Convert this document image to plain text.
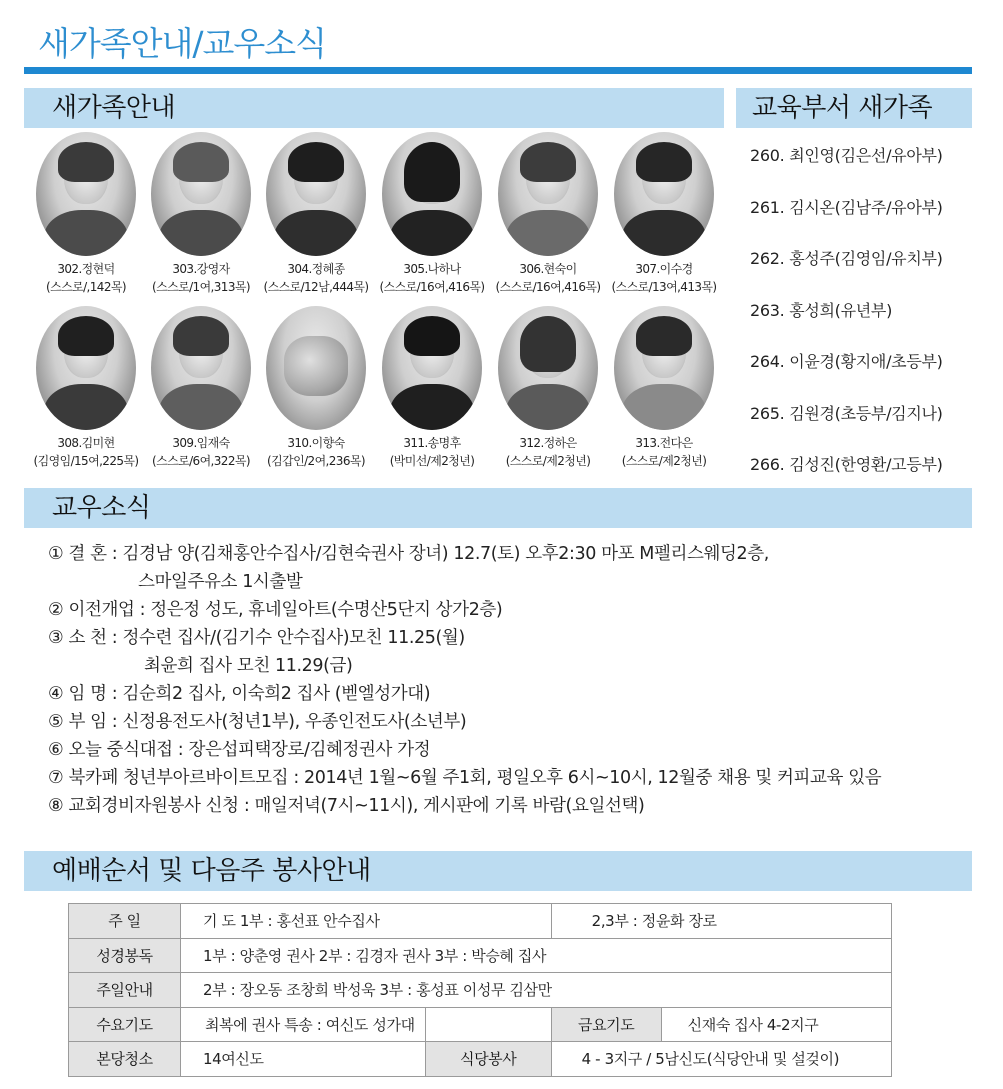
새가족안내/교우소식
새가족안내	교육부서 새가족
302.정현덕
(스스로/,142목)
303.강영자
(스스로/1여,313목)
304.정혜종
(스스로/12남,444목)
305.나하나
(스스로/16여,416목)
306.현숙이
(스스로/16여,416목)
307.이수경
(스스로/13여,413목)
308.김미현
(김영임/15여,225목)
309.임재숙
(스스로/6여,322목)
310.이향숙
(김갑인/2여,236목)
311.송명후
(박미선/제2청년)
312.정하은
(스스로/제2청년)
313.전다은
(스스로/제2청년)
260. 최인영(김은선/유아부)
261. 김시온(김남주/유아부)
262. 홍성주(김영임/유치부)
263. 홍성희(유년부)
264. 이윤경(황지애/초등부)
265. 김원경(초등부/김지나)
266. 김성진(한영환/고등부)
교우소식
① 결 혼 : 김경남 양(김채홍안수집사/김현숙권사 장녀) 12.7(토) 오후2:30 마포 M펠리스웨딩2층,
스마일주유소 1시출발
② 이전개업 : 정은정 성도, 휴네일아트(수명산5단지 상가2층)
③ 소 천 : 정수련 집사/(김기수 안수집사)모친 11.25(월)
최윤희 집사 모친 11.29(금)
④ 임 명 : 김순희2 집사, 이숙희2 집사 (벧엘성가대)
⑤ 부 임 : 신정용전도사(청년1부), 우종인전도사(소년부)
⑥ 오늘 중식대접 : 장은섭피택장로/김혜정권사 가정
⑦ 북카페 청년부아르바이트모집 : 2014년 1월~6월 주1회, 평일오후 6시~10시, 12월중 채용 및 커피교육 있음
⑧ 교회경비자원봉사 신청 : 매일저녁(7시~11시), 게시판에 기록 바람(요일선택)
예배순서 및 다음주 봉사안내
주 일	기 도 1부 : 홍선표 안수집사		2,3부 : 정윤화 장로	
성경봉독	1부 : 양춘영 권사 2부 : 김경자 권사 3부 : 박승혜 집사			
주일안내	2부 : 장오동 조창희 박성욱 3부 : 홍성표 이성무 김삼만			
수요기도	최복에 권사 특송 : 여신도 성가대		금요기도	신재숙 집사 4-2지구
본당청소	14여신도	식당봉사	4 - 3지구 / 5남신도(식당안내 및 설겆이)	
